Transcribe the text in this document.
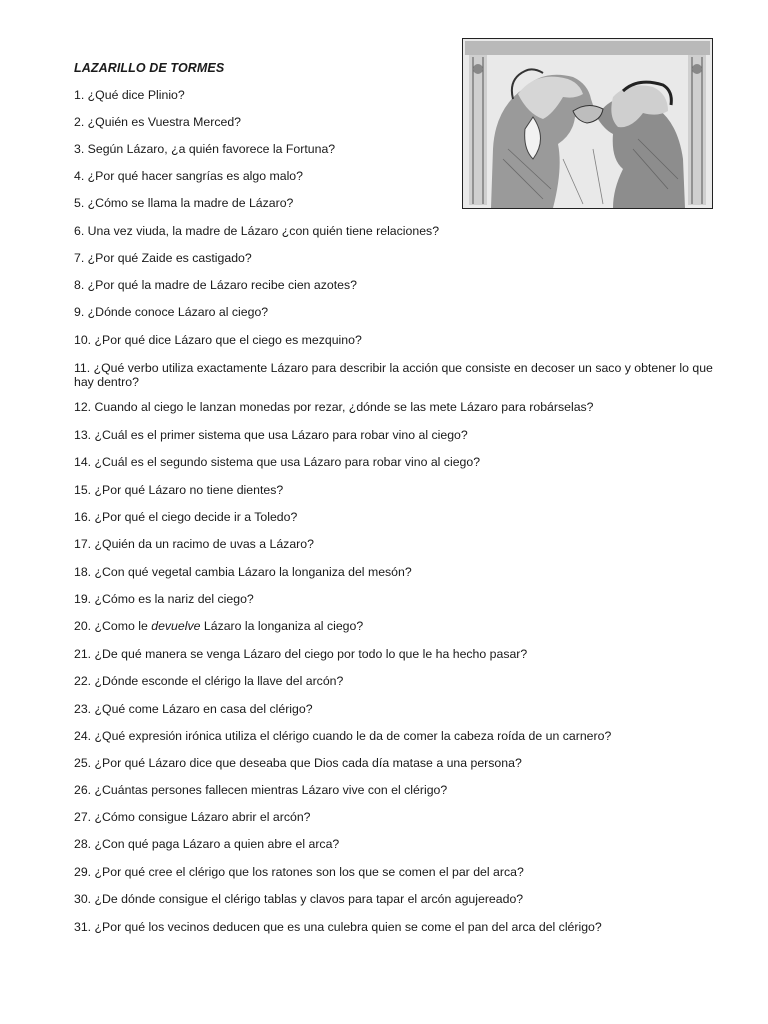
LAZARILLO DE TORMES
1. ¿Qué dice Plinio?
2. ¿Quién es Vuestra Merced?
3. Según Lázaro, ¿a quién favorece la Fortuna?
4. ¿Por qué hacer sangrías es algo malo?
5. ¿Cómo se llama la madre de Lázaro?
6. Una vez viuda, la madre de Lázaro ¿con quién tiene relaciones?
7. ¿Por qué Zaide es castigado?
8. ¿Por qué la madre de Lázaro recibe cien azotes?
9. ¿Dónde conoce Lázaro al ciego?
10. ¿Por qué dice Lázaro que el ciego es mezquino?
11. ¿Qué verbo utiliza exactamente Lázaro para describir la acción que consiste en decoser un saco y obtener lo que hay dentro?
12. Cuando al ciego le lanzan monedas por rezar, ¿dónde se las mete Lázaro para robárselas?
13. ¿Cuál es el primer sistema que usa Lázaro para robar vino al ciego?
14. ¿Cuál es el segundo sistema que usa Lázaro para robar vino al ciego?
15. ¿Por qué Lázaro no tiene dientes?
16. ¿Por qué el ciego decide ir a Toledo?
17. ¿Quién da un racimo de uvas a Lázaro?
18. ¿Con qué vegetal cambia Lázaro la longaniza del mesón?
19. ¿Cómo es la nariz del ciego?
20. ¿Como le devuelve Lázaro la longaniza al ciego?
21. ¿De qué manera se venga Lázaro del ciego por todo lo que le ha hecho pasar?
22. ¿Dónde esconde el clérigo la llave del arcón?
23. ¿Qué come Lázaro en casa del clérigo?
24. ¿Qué expresión irónica utiliza el clérigo cuando le da de comer la cabeza roída de un carnero?
25. ¿Por qué Lázaro dice que deseaba que Dios cada día matase a una persona?
26. ¿Cuántas persones fallecen mientras Lázaro vive con el clérigo?
27. ¿Cómo consigue Lázaro abrir el arcón?
28. ¿Con qué paga Lázaro a quien abre el arca?
29. ¿Por qué cree el clérigo que los ratones son los que se comen el par del arca?
30. ¿De dónde consigue el clérigo tablas y clavos para tapar el arcón agujereado?
31. ¿Por qué los vecinos deducen que es una culebra quien se come el pan del arca del clérigo?
